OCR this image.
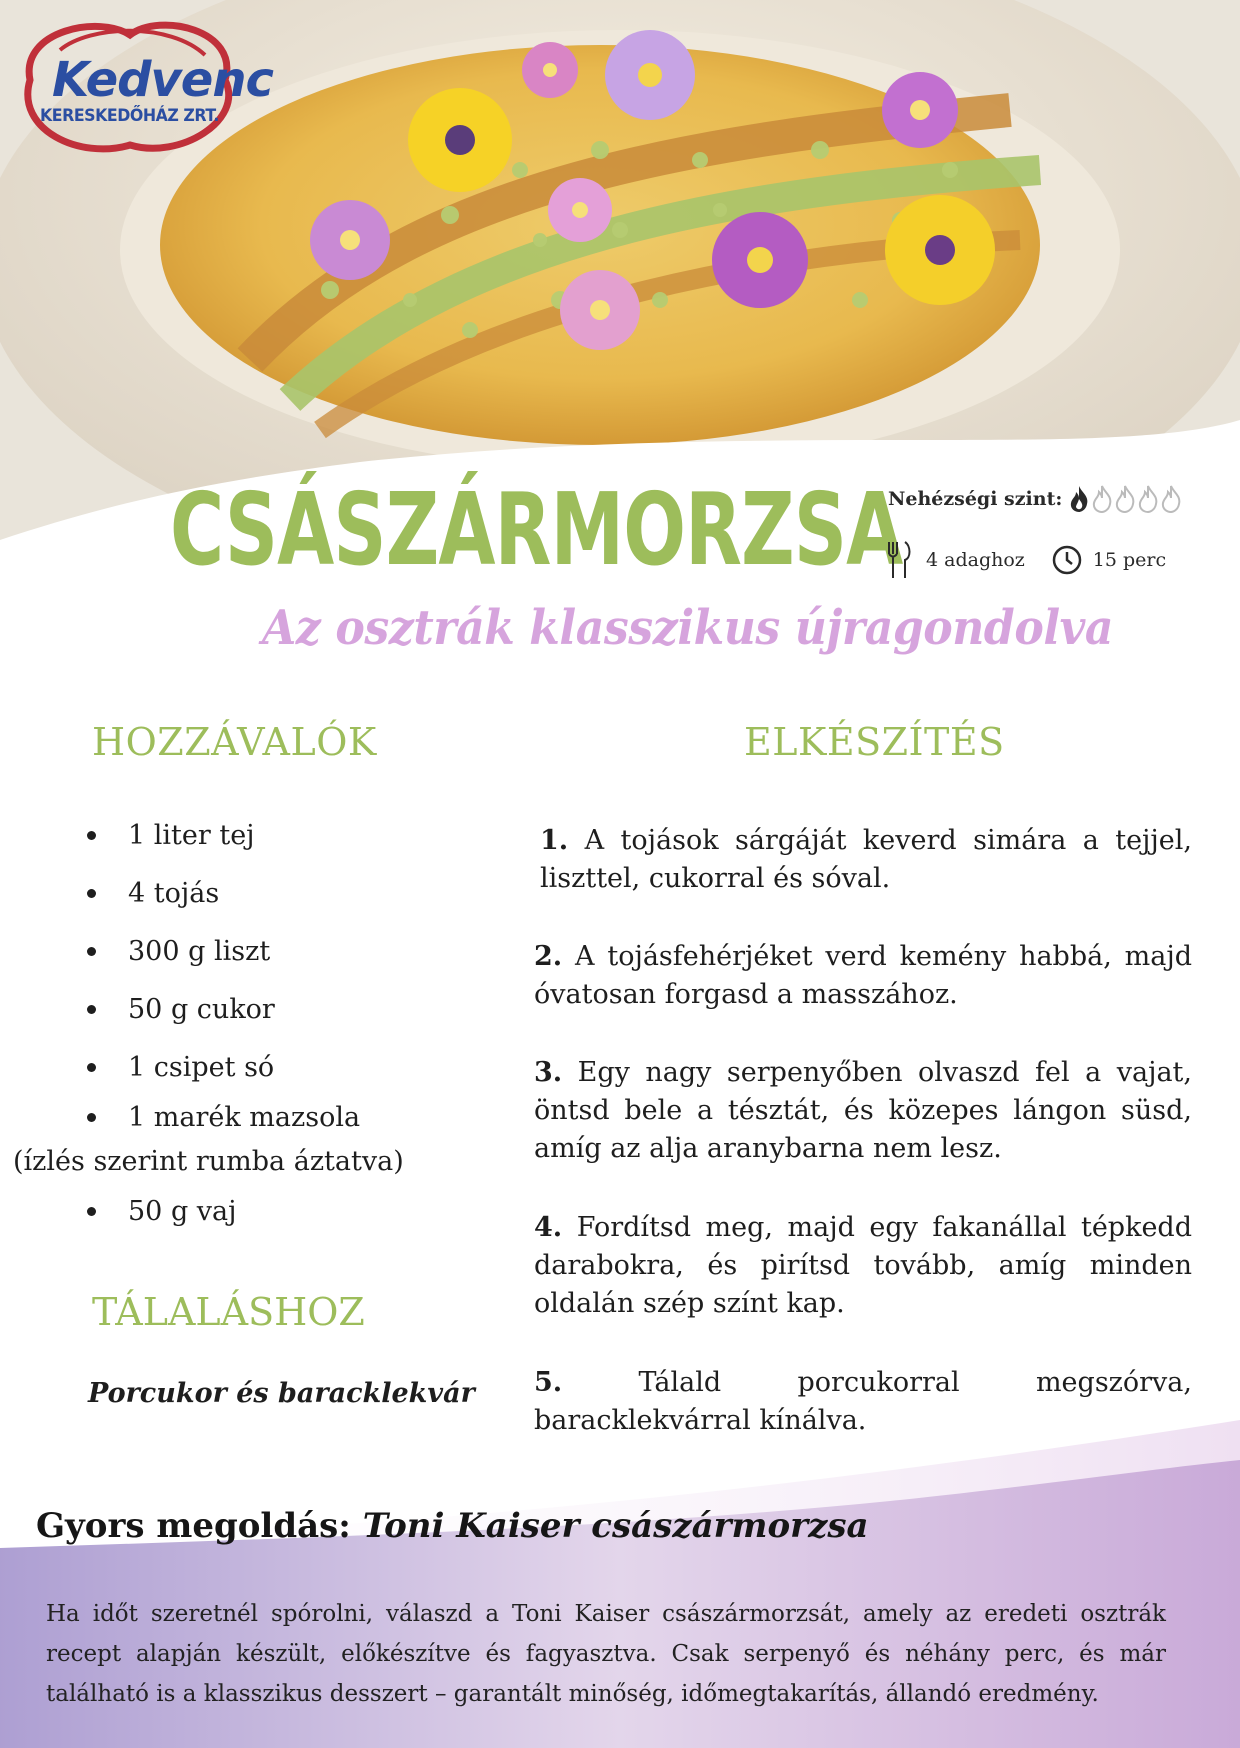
Kedvenc
KERESKEDŐHÁZ ZRT.
CSÁSZÁRMORZSA
Az osztrák klasszikus újragondolva
Nehézségi szint:
4 adaghoz	15 perc
HOZZÁVALÓK
1 liter tej
4 tojás
300 g liszt
50 g cukor
1 csipet só
1 marék mazsola
50 g vaj
(ízlés szerint rumba áztatva)
TÁLALÁSHOZ
Porcukor és baracklekvár
ELKÉSZÍTÉS
1. A tojások sárgáját keverd simára a tejjel, liszttel, cukorral és sóval.
2. A tojásfehérjéket verd kemény habbá, majd óvatosan forgasd a masszához.
3. Egy nagy serpenyőben olvaszd fel a vajat, öntsd bele a tésztát, és közepes lángon süsd, amíg az alja aranybarna nem lesz.
4. Fordítsd meg, majd egy fakanállal tépkedd darabokra, és pirítsd tovább, amíg minden oldalán szép színt kap.
5. Tálald porcukorral megszórva, baracklekvárral kínálva.
Gyors megoldás: Toni Kaiser császármorzsa
Ha időt szeretnél spórolni, válaszd a Toni Kaiser császármorzsát, amely az eredeti osztrák recept alapján készült, előkészítve és fagyasztva. Csak serpenyő és néhány perc, és már található is a klasszikus desszert – garantált minőség, időmegtakarítás, állandó eredmény.
